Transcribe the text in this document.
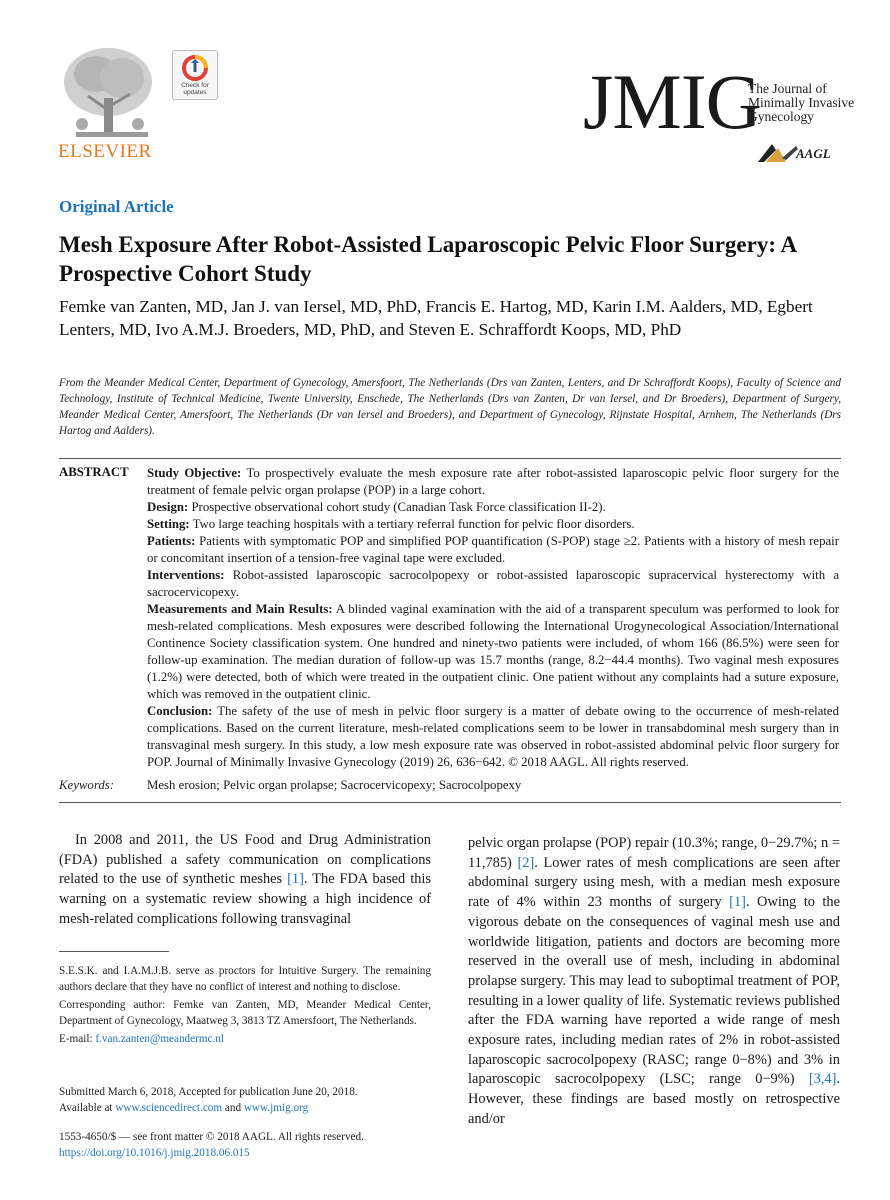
ELSEVIER
Check for updates	JMIG
The Journal of Minimally Invasive Gynecology
AAGL
Original Article
Mesh Exposure After Robot-Assisted Laparoscopic Pelvic Floor Surgery: A Prospective Cohort Study
Femke van Zanten, MD, Jan J. van Iersel, MD, PhD, Francis E. Hartog, MD, Karin I.M. Aalders, MD, Egbert Lenters, MD, Ivo A.M.J. Broeders, MD, PhD, and Steven E. Schraffordt Koops, MD, PhD
From the Meander Medical Center, Department of Gynecology, Amersfoort, The Netherlands (Drs van Zanten, Lenters, and Dr Schraffordt Koops), Faculty of Science and Technology, Institute of Technical Medicine, Twente University, Enschede, The Netherlands (Drs van Zanten, Dr van Iersel, and Dr Broeders), Department of Surgery, Meander Medical Center, Amersfoort, The Netherlands (Dr van Iersel and Broeders), and Department of Gynecology, Rijnstate Hospital, Arnhem, The Netherlands (Drs Hartog and Aalders).
ABSTRACT Study Objective: To prospectively evaluate the mesh exposure rate after robot-assisted laparoscopic pelvic floor surgery for the treatment of female pelvic organ prolapse (POP) in a large cohort.

Design: Prospective observational cohort study (Canadian Task Force classification II-2).

Setting: Two large teaching hospitals with a tertiary referral function for pelvic floor disorders.

Patients: Patients with symptomatic POP and simplified POP quantification (S-POP) stage ≥2. Patients with a history of mesh repair or concomitant insertion of a tension-free vaginal tape were excluded.

Interventions: Robot-assisted laparoscopic sacrocolpopexy or robot-assisted laparoscopic supracervical hysterectomy with a sacrocervicopexy.

Measurements and Main Results: A blinded vaginal examination with the aid of a transparent speculum was performed to look for mesh-related complications. Mesh exposures were described following the International Urogynecological Association/International Continence Society classification system. One hundred and ninety-two patients were included, of whom 166 (86.5%) were seen for follow-up examination. The median duration of follow-up was 15.7 months (range, 8.2−44.4 months). Two vaginal mesh exposures (1.2%) were detected, both of which were treated in the outpatient clinic. One patient without any complaints had a suture exposure, which was removed in the outpatient clinic.

Conclusion: The safety of the use of mesh in pelvic floor surgery is a matter of debate owing to the occurrence of mesh-related complications. Based on the current literature, mesh-related complications seem to be lower in transabdominal mesh surgery than in transvaginal mesh surgery. In this study, a low mesh exposure rate was observed in robot-assisted abdominal pelvic floor surgery for POP. Journal of Minimally Invasive Gynecology (2019) 26, 636−642. © 2018 AAGL. All rights reserved.

Keywords:	Mesh erosion; Pelvic organ prolapse; Sacrocervicopexy; Sacrocolpopexy
In 2008 and 2011, the US Food and Drug Administration (FDA) published a safety communication on complications related to the use of synthetic meshes [1]. The FDA based this warning on a systematic review showing a high incidence of mesh-related complications following transvaginal
pelvic organ prolapse (POP) repair (10.3%; range, 0−29.7%; n = 11,785) [2]. Lower rates of mesh complications are seen after abdominal surgery using mesh, with a median mesh exposure rate of 4% within 23 months of surgery [1]. Owing to the vigorous debate on the consequences of vaginal mesh use and worldwide litigation, patients and doctors are becoming more reserved in the overall use of mesh, including in abdominal prolapse surgery. This may lead to suboptimal treatment of POP, resulting in a lower quality of life. Systematic reviews published after the FDA warning have reported a wide range of mesh exposure rates, including median rates of 2% in robot-assisted laparoscopic sacrocolpopexy (RASC; range 0−8%) and 3% in laparoscopic sacrocolpopexy (LSC; range 0−9%) [3,4]. However, these findings are based mostly on retrospective and/or

S.E.S.K. and I.A.M.J.B. serve as proctors for Intuitive Surgery. The remaining authors declare that they have no conflict of interest and nothing to disclose.

Corresponding author: Femke van Zanten, MD, Meander Medical Center, Department of Gynecology, Maatweg 3, 3813 TZ Amersfoort, The Netherlands.

E-mail: f.van.zanten@meandermc.nl

Submitted March 6, 2018, Accepted for publication June 20, 2018.

Available at www.sciencedirect.com and www.jmig.org

1553-4650/$ — see front matter © 2018 AAGL. All rights reserved.

https://doi.org/10.1016/j.jmig.2018.06.015
